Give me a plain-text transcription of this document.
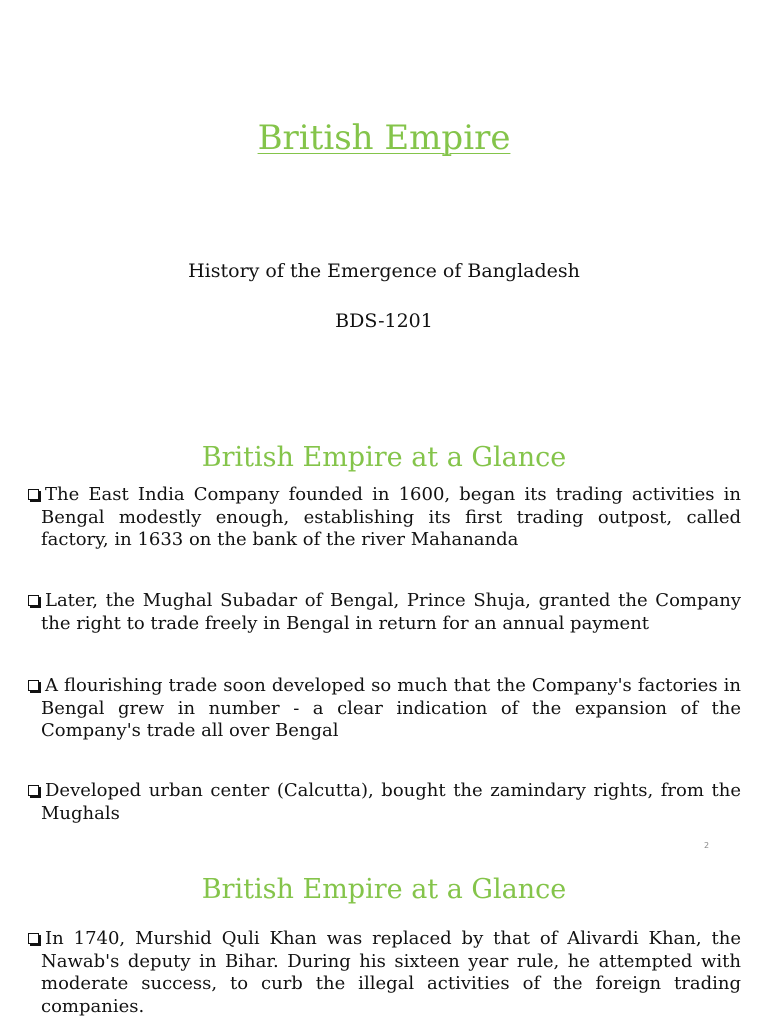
British Empire
History of the Emergence of Bangladesh
BDS-1201
British Empire at a Glance
The East India Company founded in 1600, began its trading activities in Bengal modestly enough, establishing its first trading outpost, called factory, in 1633 on the bank of the river Mahananda
Later, the Mughal Subadar of Bengal, Prince Shuja, granted the Company the right to trade freely in Bengal in return for an annual payment
A flourishing trade soon developed so much that the Company's factories in Bengal grew in number - a clear indication of the expansion of the Company's trade all over Bengal
Developed urban center (Calcutta), bought the zamindary rights, from the Mughals
2
British Empire at a Glance
In 1740, Murshid Quli Khan was replaced by that of Alivardi Khan, the Nawab's deputy in Bihar. During his sixteen year rule, he attempted with moderate success, to curb the illegal activities of the foreign trading companies.
